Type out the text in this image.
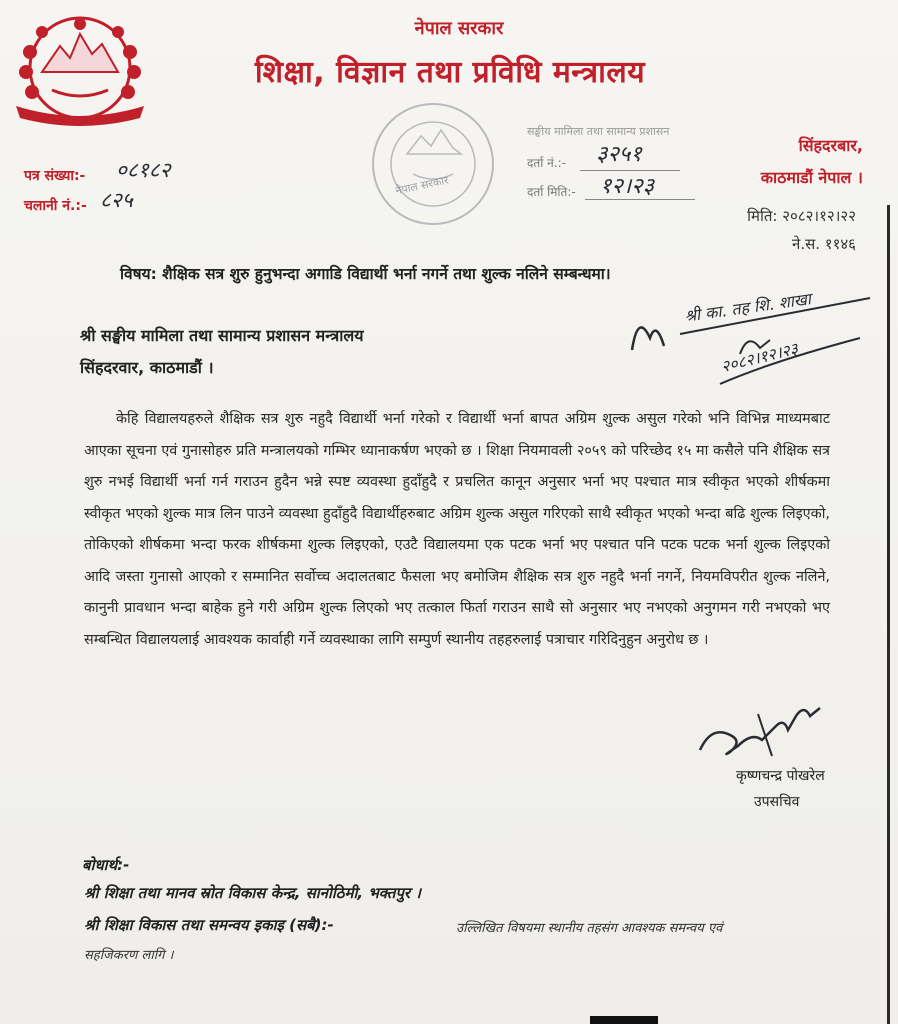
नेपाल सरकार
शिक्षा, विज्ञान तथा प्रविधि मन्त्रालय
नेपाल सरकार
सङ्घीय मामिला तथा सामान्य प्रशासन
दर्ता नं.:- ३२५१
दर्ता मिति:- १२।२३
सिंहदरबार,
काठमाडौं नेपाल ।
पत्र संख्या:- ०८१८२
चलानी नं.:- ८२५
मिति: २०८२।१२।२२
ने.स. ११४६
विषय: शैक्षिक सत्र शुरु हुनुभन्दा अगाडि विद्यार्थी भर्ना नगर्ने तथा शुल्क नलिने सम्बन्धमा।
श्री सङ्घीय मामिला तथा सामान्य प्रशासन मन्त्रालय
सिंहदरवार, काठमाडौं ।
श्री का. तह शि. शाखा
२०८२।१२।२३

केहि विद्यालयहरुले शैक्षिक सत्र शुरु नहुदै विद्यार्थी भर्ना गरेको र विद्यार्थी भर्ना बापत अग्रिम शुल्क असुल गरेको भनि विभिन्न माध्यमबाट आएका सूचना एवं गुनासोहरु प्रति मन्त्रालयको गम्भिर ध्यानाकर्षण भएको छ । शिक्षा नियमावली २०५९ को परिच्छेद १५ मा कसैले पनि शैक्षिक सत्र शुरु नभई विद्यार्थी भर्ना गर्न गराउन हुदैन भन्ने स्पष्ट व्यवस्था हुदाँहुदै र प्रचलित कानून अनुसार भर्ना भए पश्चात मात्र स्वीकृत भएको शीर्षकमा स्वीकृत भएको शुल्क मात्र लिन पाउने व्यवस्था हुदाँहुदै विद्यार्थीहरुबाट अग्रिम शुल्क असुल गरिएको साथै स्वीकृत भएको भन्दा बढि शुल्क लिइएको, तोकिएको शीर्षकमा भन्दा फरक शीर्षकमा शुल्क लिइएको, एउटै विद्यालयमा एक पटक भर्ना भए पश्चात पनि पटक पटक भर्ना शुल्क लिइएको आदि जस्ता गुनासो आएको र सम्मानित सर्वोच्च अदालतबाट फैसला भए बमोजिम शैक्षिक सत्र शुरु नहुदै भर्ना नगर्ने, नियमविपरीत शुल्क नलिने, कानुनी प्रावधान भन्दा बाहेक हुने गरी अग्रिम शुल्क लिएको भए तत्काल फिर्ता गराउन साथै सो अनुसार भए नभएको अनुगमन गरी नभएको भए सम्बन्धित विद्यालयलाई आवश्यक कार्वाही गर्ने व्यवस्थाका लागि सम्पुर्ण स्थानीय तहहरुलाई पत्राचार गरिदिनुहुन अनुरोध छ ।

कृष्णचन्द्र पोखरेल
उपसचिव
बोधार्थ:-
श्री शिक्षा तथा मानव स्रोत विकास केन्द्र, सानोठिमी, भक्तपुर ।
श्री शिक्षा विकास तथा समन्वय इकाइ (सबै):-	उल्लिखित विषयमा स्थानीय तहसंग आवश्यक समन्वय एवं
सहजिकरण लागि ।
